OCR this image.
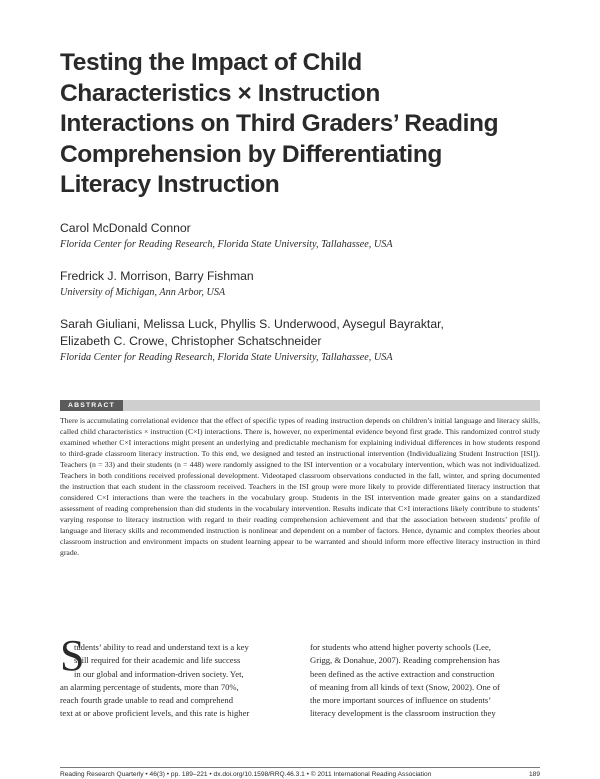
Testing the Impact of Child
Characteristics × Instruction
Interactions on Third Graders’ Reading
Comprehension by Differentiating
Literacy Instruction
Carol McDonald Connor
Florida Center for Reading Research, Florida State University, Tallahassee, USA
Fredrick J. Morrison, Barry Fishman
University of Michigan, Ann Arbor, USA
Sarah Giuliani, Melissa Luck, Phyllis S. Underwood, Aysegul Bayraktar,
Elizabeth C. Crowe, Christopher Schatschneider
Florida Center for Reading Research, Florida State University, Tallahassee, USA
ABSTRACT

There is accumulating correlational evidence that the effect of specific types of reading instruction depends on children’s initial language and literacy skills, called child characteristics × instruction (C×I) interactions. There is, however, no experimental evidence beyond first grade. This randomized control study examined whether C×I interactions might present an underlying and predictable mechanism for explaining individual differences in how students respond to third-grade classroom literacy instruction. To this end, we designed and tested an instructional intervention (Individualizing Student Instruction [ISI]). Teachers (n = 33) and their students (n = 448) were randomly assigned to the ISI intervention or a vocabulary intervention, which was not individualized. Teachers in both conditions received professional development. Videotaped classroom observations conducted in the fall, winter, and spring documented the instruction that each student in the classroom received. Teachers in the ISI group were more likely to provide differentiated literacy instruction that considered C×I interactions than were the teachers in the vocabulary group. Students in the ISI intervention made greater gains on a standardized assessment of reading comprehension than did students in the vocabulary intervention. Results indicate that C×I interactions likely contribute to students’ varying response to literacy instruction with regard to their reading comprehension achievement and that the association between students’ profile of language and literacy skills and recommended instruction is nonlinear and dependent on a number of factors. Hence, dynamic and complex theories about classroom instruction and environment impacts on student learning appear to be warranted and should inform more effective literacy instruction in third grade.

S

tudents’ ability to read and understand text is a key
skill required for their academic and life success
in our global and information-driven society. Yet,
an alarming percentage of students, more than 70%,
reach fourth grade unable to read and comprehend
text at or above proficient levels, and this rate is higher

for students who attend higher poverty schools (Lee,
Grigg, & Donahue, 2007). Reading comprehension has
been defined as the active extraction and construction
of meaning from all kinds of text (Snow, 2002). One of
the more important sources of influence on students’
literacy development is the classroom instruction they

Reading Research Quarterly • 46(3) • pp. 189–221 • dx.doi.org/10.1598/RRQ.46.3.1 • © 2011 International Reading Association	189
